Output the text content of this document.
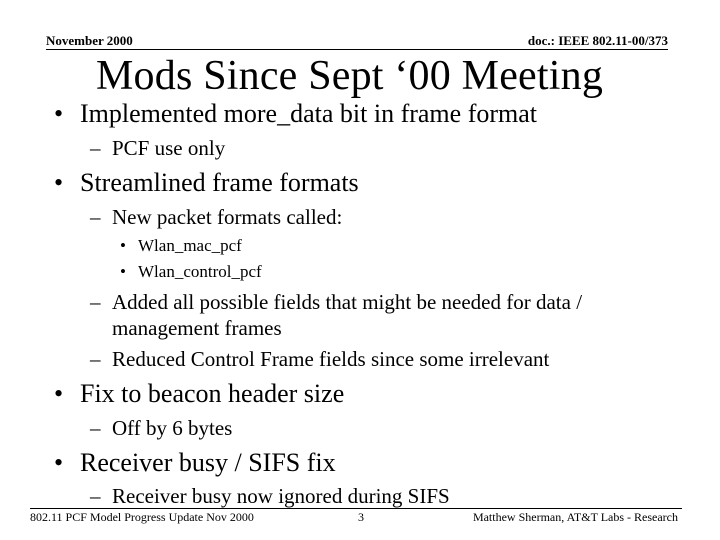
November 2000	doc.: IEEE 802.11-00/373
Mods Since Sept ‘00 Meeting
• Implemented more_data bit in frame format
– PCF use only
• Streamlined frame formats
– New packet formats called:
• Wlan_mac_pcf
• Wlan_control_pcf
– Added all possible fields that might be needed for data /
management frames
– Reduced Control Frame fields since some irrelevant
• Fix to beacon header size
– Off by 6 bytes
• Receiver busy / SIFS fix
– Receiver busy now ignored during SIFS
802.11 PCF Model Progress Update Nov 2000	3	Matthew Sherman, AT&T Labs - Research
